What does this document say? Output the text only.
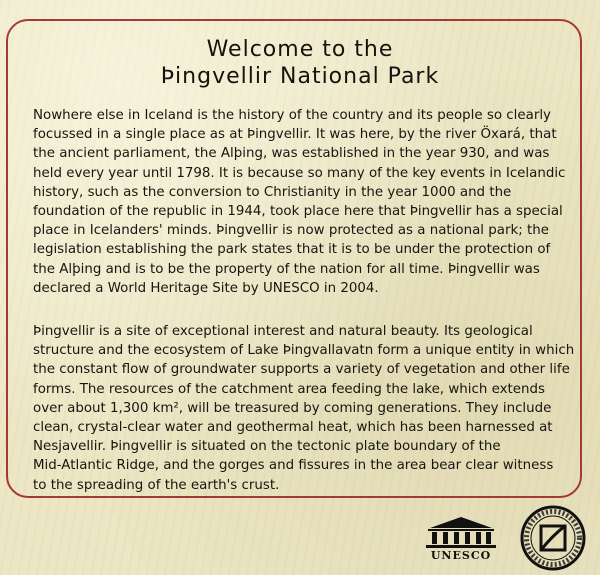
Welcome to the
Þingvellir National Park
Nowhere else in Iceland is the history of the country and its people so clearly
focussed in a single place as at Þingvellir. It was here, by the river Öxará, that
the ancient parliament, the Alþing, was established in the year 930, and was
held every year until 1798. It is because so many of the key events in Icelandic
history, such as the conversion to Christianity in the year 1000 and the
foundation of the republic in 1944, took place here that Þingvellir has a special
place in Icelanders' minds. Þingvellir is now protected as a national park; the
legislation establishing the park states that it is to be under the protection of
the Alþing and is to be the property of the nation for all time. Þingvellir was
declared a World Heritage Site by UNESCO in 2004.
Þingvellir is a site of exceptional interest and natural beauty. Its geological
structure and the ecosystem of Lake Þingvallavatn form a unique entity in which
the constant flow of groundwater supports a variety of vegetation and other life
forms. The resources of the catchment area feeding the lake, which extends
over about 1,300 km², will be treasured by coming generations. They include
clean, crystal-clear water and geothermal heat, which has been harnessed at
Nesjavellir. Þingvellir is situated on the tectonic plate boundary of the
Mid-Atlantic Ridge, and the gorges and fissures in the area bear clear witness
to the spreading of the earth's crust.
UNESCO
